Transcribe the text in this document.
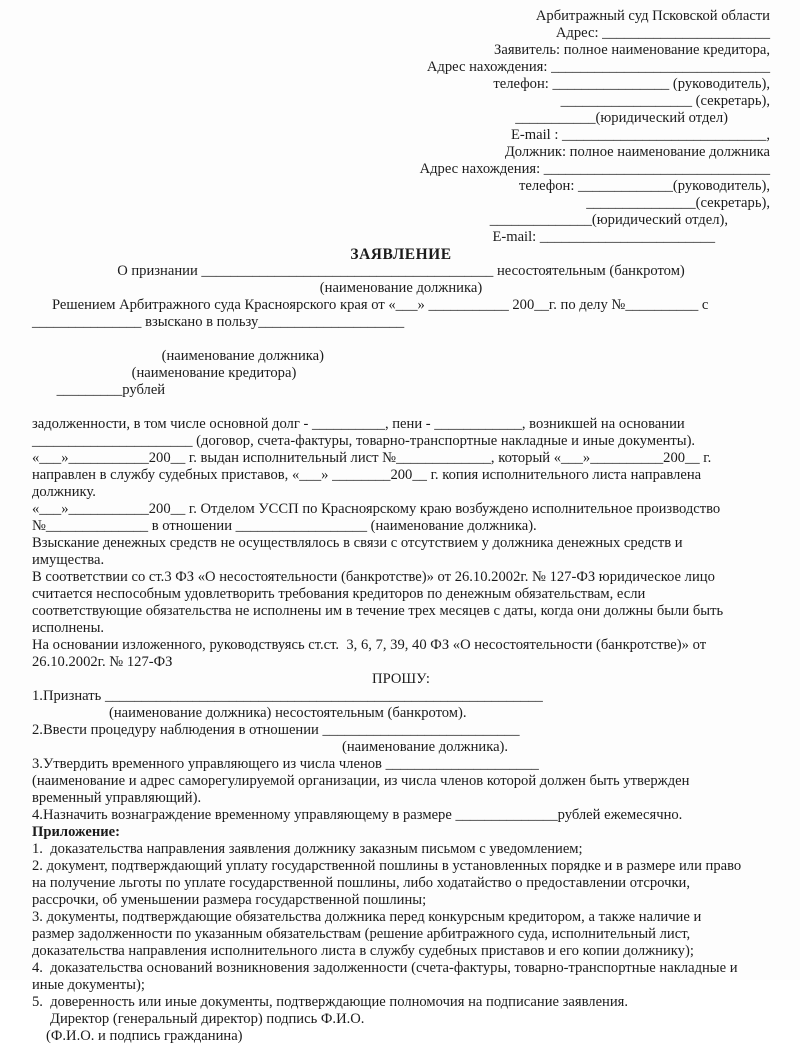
Арбитражный суд Псковской области
Адрес: _______________________
Заявитель: полное наименование кредитора,
Адрес нахождения: ______________________________
телефон: ________________ (руководитель),
__________________ (секретарь),
___________(юридический отдел)
E-mail : ____________________________,
Должник: полное наименование должника
Адрес нахождения: _______________________________
телефон: _____________(руководитель),
_______________(секретарь),
______________(юридический отдел),
E-mail: ________________________
ЗАЯВЛЕНИЕ
О признании ________________________________________ несостоятельным (банкротом)
(наименование должника)
Решением Арбитражного суда Красноярского края от «___» ___________ 200__г. по делу №__________ с
_______________ взыскано в пользу____________________

(наименование должника)
(наименование кредитора)
_________рублей

задолженности, в том числе основной долг - __________, пени - ____________, возникшей на основании
______________________ (договор, счета-фактуры, товарно-транспортные накладные и иные документы).
«___»___________200__ г. выдан исполнительный лист №_____________, который «___»__________200__ г.
направлен в службу судебных приставов, «___» ________200__ г. копия исполнительного листа направлена
должнику.
«___»___________200__ г. Отделом УССП по Красноярскому краю возбуждено исполнительное производство
№______________ в отношении __________________ (наименование должника).
Взыскание денежных средств не осуществлялось в связи с отсутствием у должника денежных средств и
имущества.
В соответствии со ст.3 ФЗ «О несостоятельности (банкротстве)» от 26.10.2002г. № 127-ФЗ юридическое лицо
считается неспособным удовлетворить требования кредиторов по денежным обязательствам, если
соответствующие обязательства не исполнены им в течение трех месяцев с даты, когда они должны были быть
исполнены.
На основании изложенного, руководствуясь ст.ст.  3, 6, 7, 39, 40 ФЗ «О несостоятельности (банкротстве)» от
26.10.2002г. № 127-ФЗ
ПРОШУ:
1.Признать ____________________________________________________________
(наименование должника) несостоятельным (банкротом).
2.Ввести процедуру наблюдения в отношении ___________________________
(наименование должника).
3.Утвердить временного управляющего из числа членов _____________________
(наименование и адрес саморегулируемой организации, из числа членов которой должен быть утвержден
временный управляющий).
4.Назначить вознаграждение временному управляющему в размере ______________рублей ежемесячно.
Приложение:
1.  доказательства направления заявления должнику заказным письмом с уведомлением;
2. документ, подтверждающий уплату государственной пошлины в установленных порядке и в размере или право
на получение льготы по уплате государственной пошлины, либо ходатайство о предоставлении отсрочки,
рассрочки, об уменьшении размера государственной пошлины;
3. документы, подтверждающие обязательства должника перед конкурсным кредитором, а также наличие и
размер задолженности по указанным обязательствам (решение арбитражного суда, исполнительный лист,
доказательства направления исполнительного листа в службу судебных приставов и его копии должнику);
4.  доказательства оснований возникновения задолженности (счета-фактуры, товарно-транспортные накладные и
иные документы);
5.  доверенность или иные документы, подтверждающие полномочия на подписание заявления.
Директор (генеральный директор) подпись Ф.И.О.
(Ф.И.О. и подпись гражданина)
